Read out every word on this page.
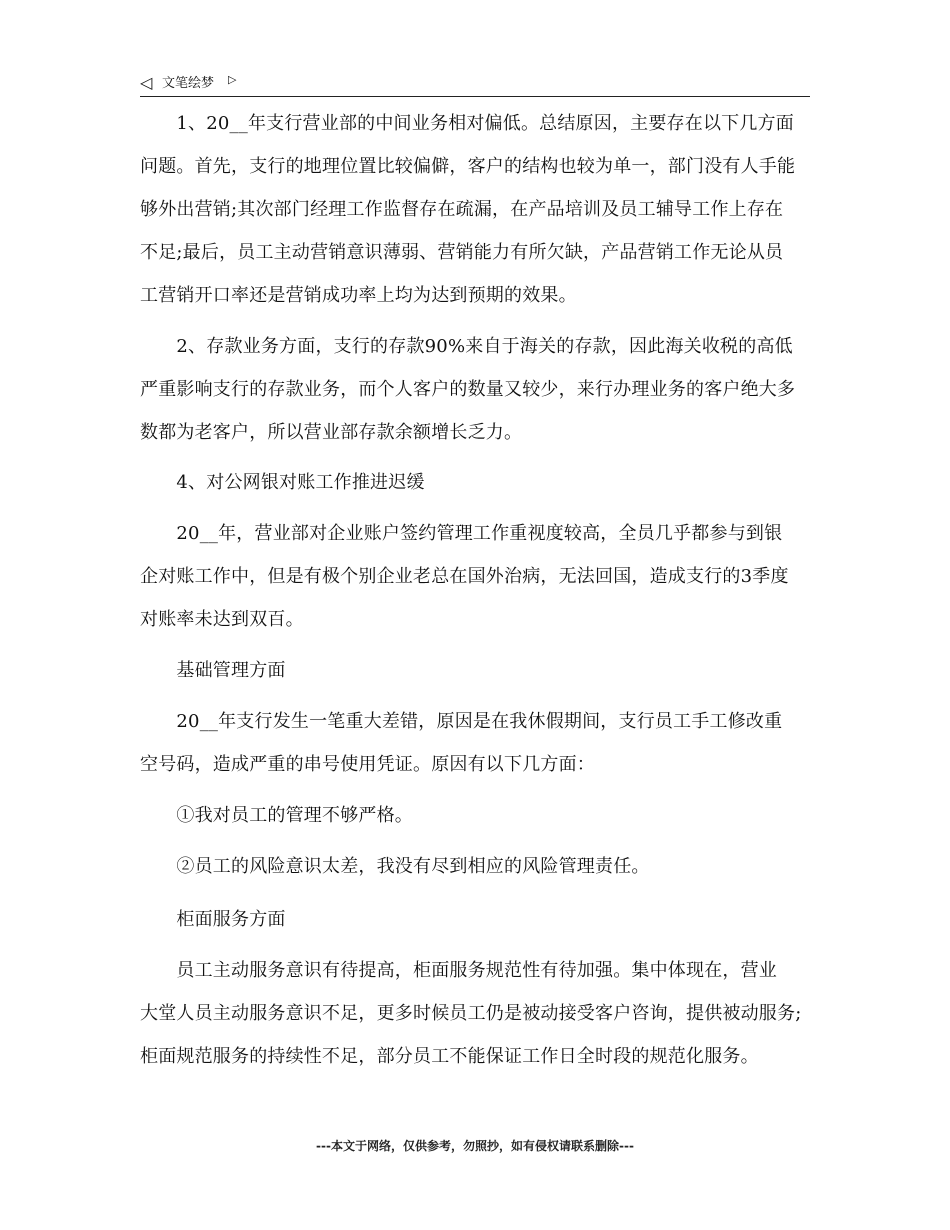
◁ 文笔绘梦 ▷
　　1、20__年支行营业部的中间业务相对偏低。总结原因，主要存在以下几方面
问题。首先，支行的地理位置比较偏僻，客户的结构也较为单一，部门没有人手能
够外出营销;其次部门经理工作监督存在疏漏，在产品培训及员工辅导工作上存在
不足;最后，员工主动营销意识薄弱、营销能力有所欠缺，产品营销工作无论从员
工营销开口率还是营销成功率上均为达到预期的效果。
　　2、存款业务方面，支行的存款90%来自于海关的存款，因此海关收税的高低
严重影响支行的存款业务，而个人客户的数量又较少，来行办理业务的客户绝大多
数都为老客户，所以营业部存款余额增长乏力。
　　4、对公网银对账工作推进迟缓
　　20__年，营业部对企业账户签约管理工作重视度较高，全员几乎都参与到银
企对账工作中，但是有极个别企业老总在国外治病，无法回国，造成支行的3季度
对账率未达到双百。
　　基础管理方面
　　20__年支行发生一笔重大差错，原因是在我休假期间，支行员工手工修改重
空号码，造成严重的串号使用凭证。原因有以下几方面：
　　①我对员工的管理不够严格。
　　②员工的风险意识太差，我没有尽到相应的风险管理责任。
　　柜面服务方面
　　员工主动服务意识有待提高，柜面服务规范性有待加强。集中体现在，营业
大堂人员主动服务意识不足，更多时候员工仍是被动接受客户咨询，提供被动服务;
柜面规范服务的持续性不足，部分员工不能保证工作日全时段的规范化服务。
---本文于网络，仅供参考，勿照抄，如有侵权请联系删除---
